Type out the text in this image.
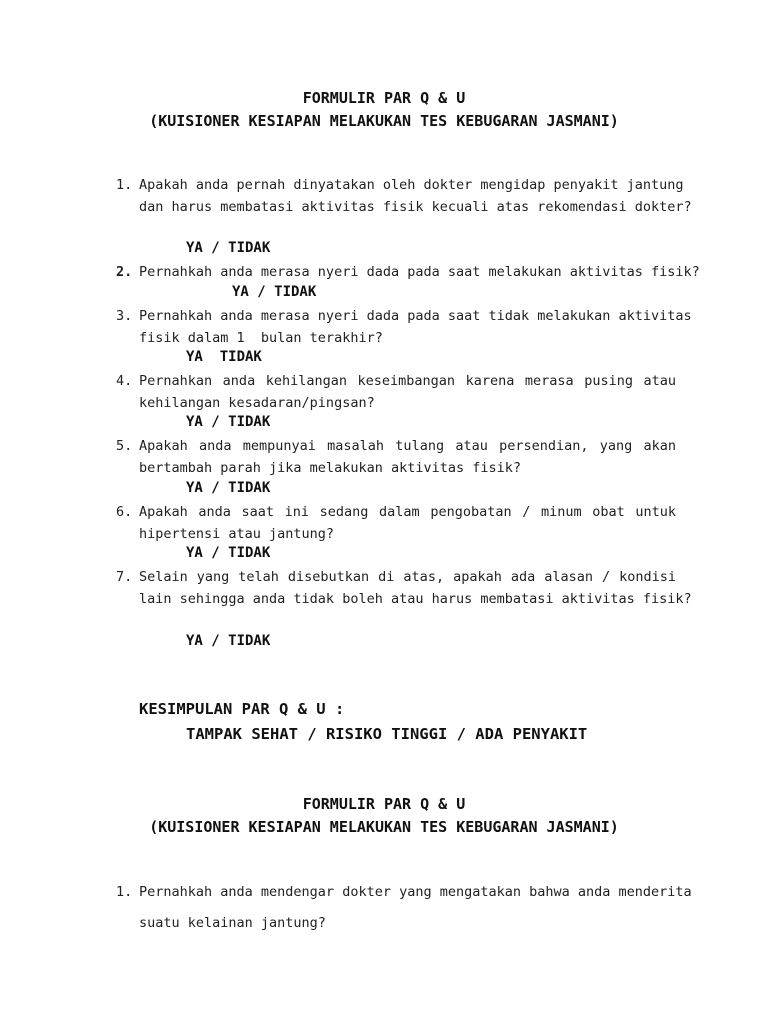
FORMULIR PAR Q & U
(KUISIONER KESIAPAN MELAKUKAN TES KEBUGARAN JASMANI)
1. Apakah anda pernah dinyatakan oleh dokter mengidap penyakit jantung
dan harus membatasi aktivitas fisik kecuali atas rekomendasi dokter?
YA / TIDAK
2. Pernahkah anda merasa nyeri dada pada saat melakukan aktivitas fisik?
YA / TIDAK
3. Pernahkah anda merasa nyeri dada pada saat tidak melakukan aktivitas
fisik dalam 1  bulan terakhir?
YA  TIDAK
4. Pernahkan anda kehilangan keseimbangan karena merasa pusing atau
kehilangan kesadaran/pingsan?
YA / TIDAK
5. Apakah anda mempunyai masalah tulang atau persendian, yang akan
bertambah parah jika melakukan aktivitas fisik?
YA / TIDAK
6. Apakah anda saat ini sedang dalam pengobatan / minum obat untuk
hipertensi atau jantung?
YA / TIDAK
7. Selain yang telah disebutkan di atas, apakah ada alasan / kondisi
lain sehingga anda tidak boleh atau harus membatasi aktivitas fisik?
YA / TIDAK
KESIMPULAN PAR Q & U :
TAMPAK SEHAT / RISIKO TINGGI / ADA PENYAKIT
FORMULIR PAR Q & U
(KUISIONER KESIAPAN MELAKUKAN TES KEBUGARAN JASMANI)
1. Pernahkah anda mendengar dokter yang mengatakan bahwa anda menderita
suatu kelainan jantung?
